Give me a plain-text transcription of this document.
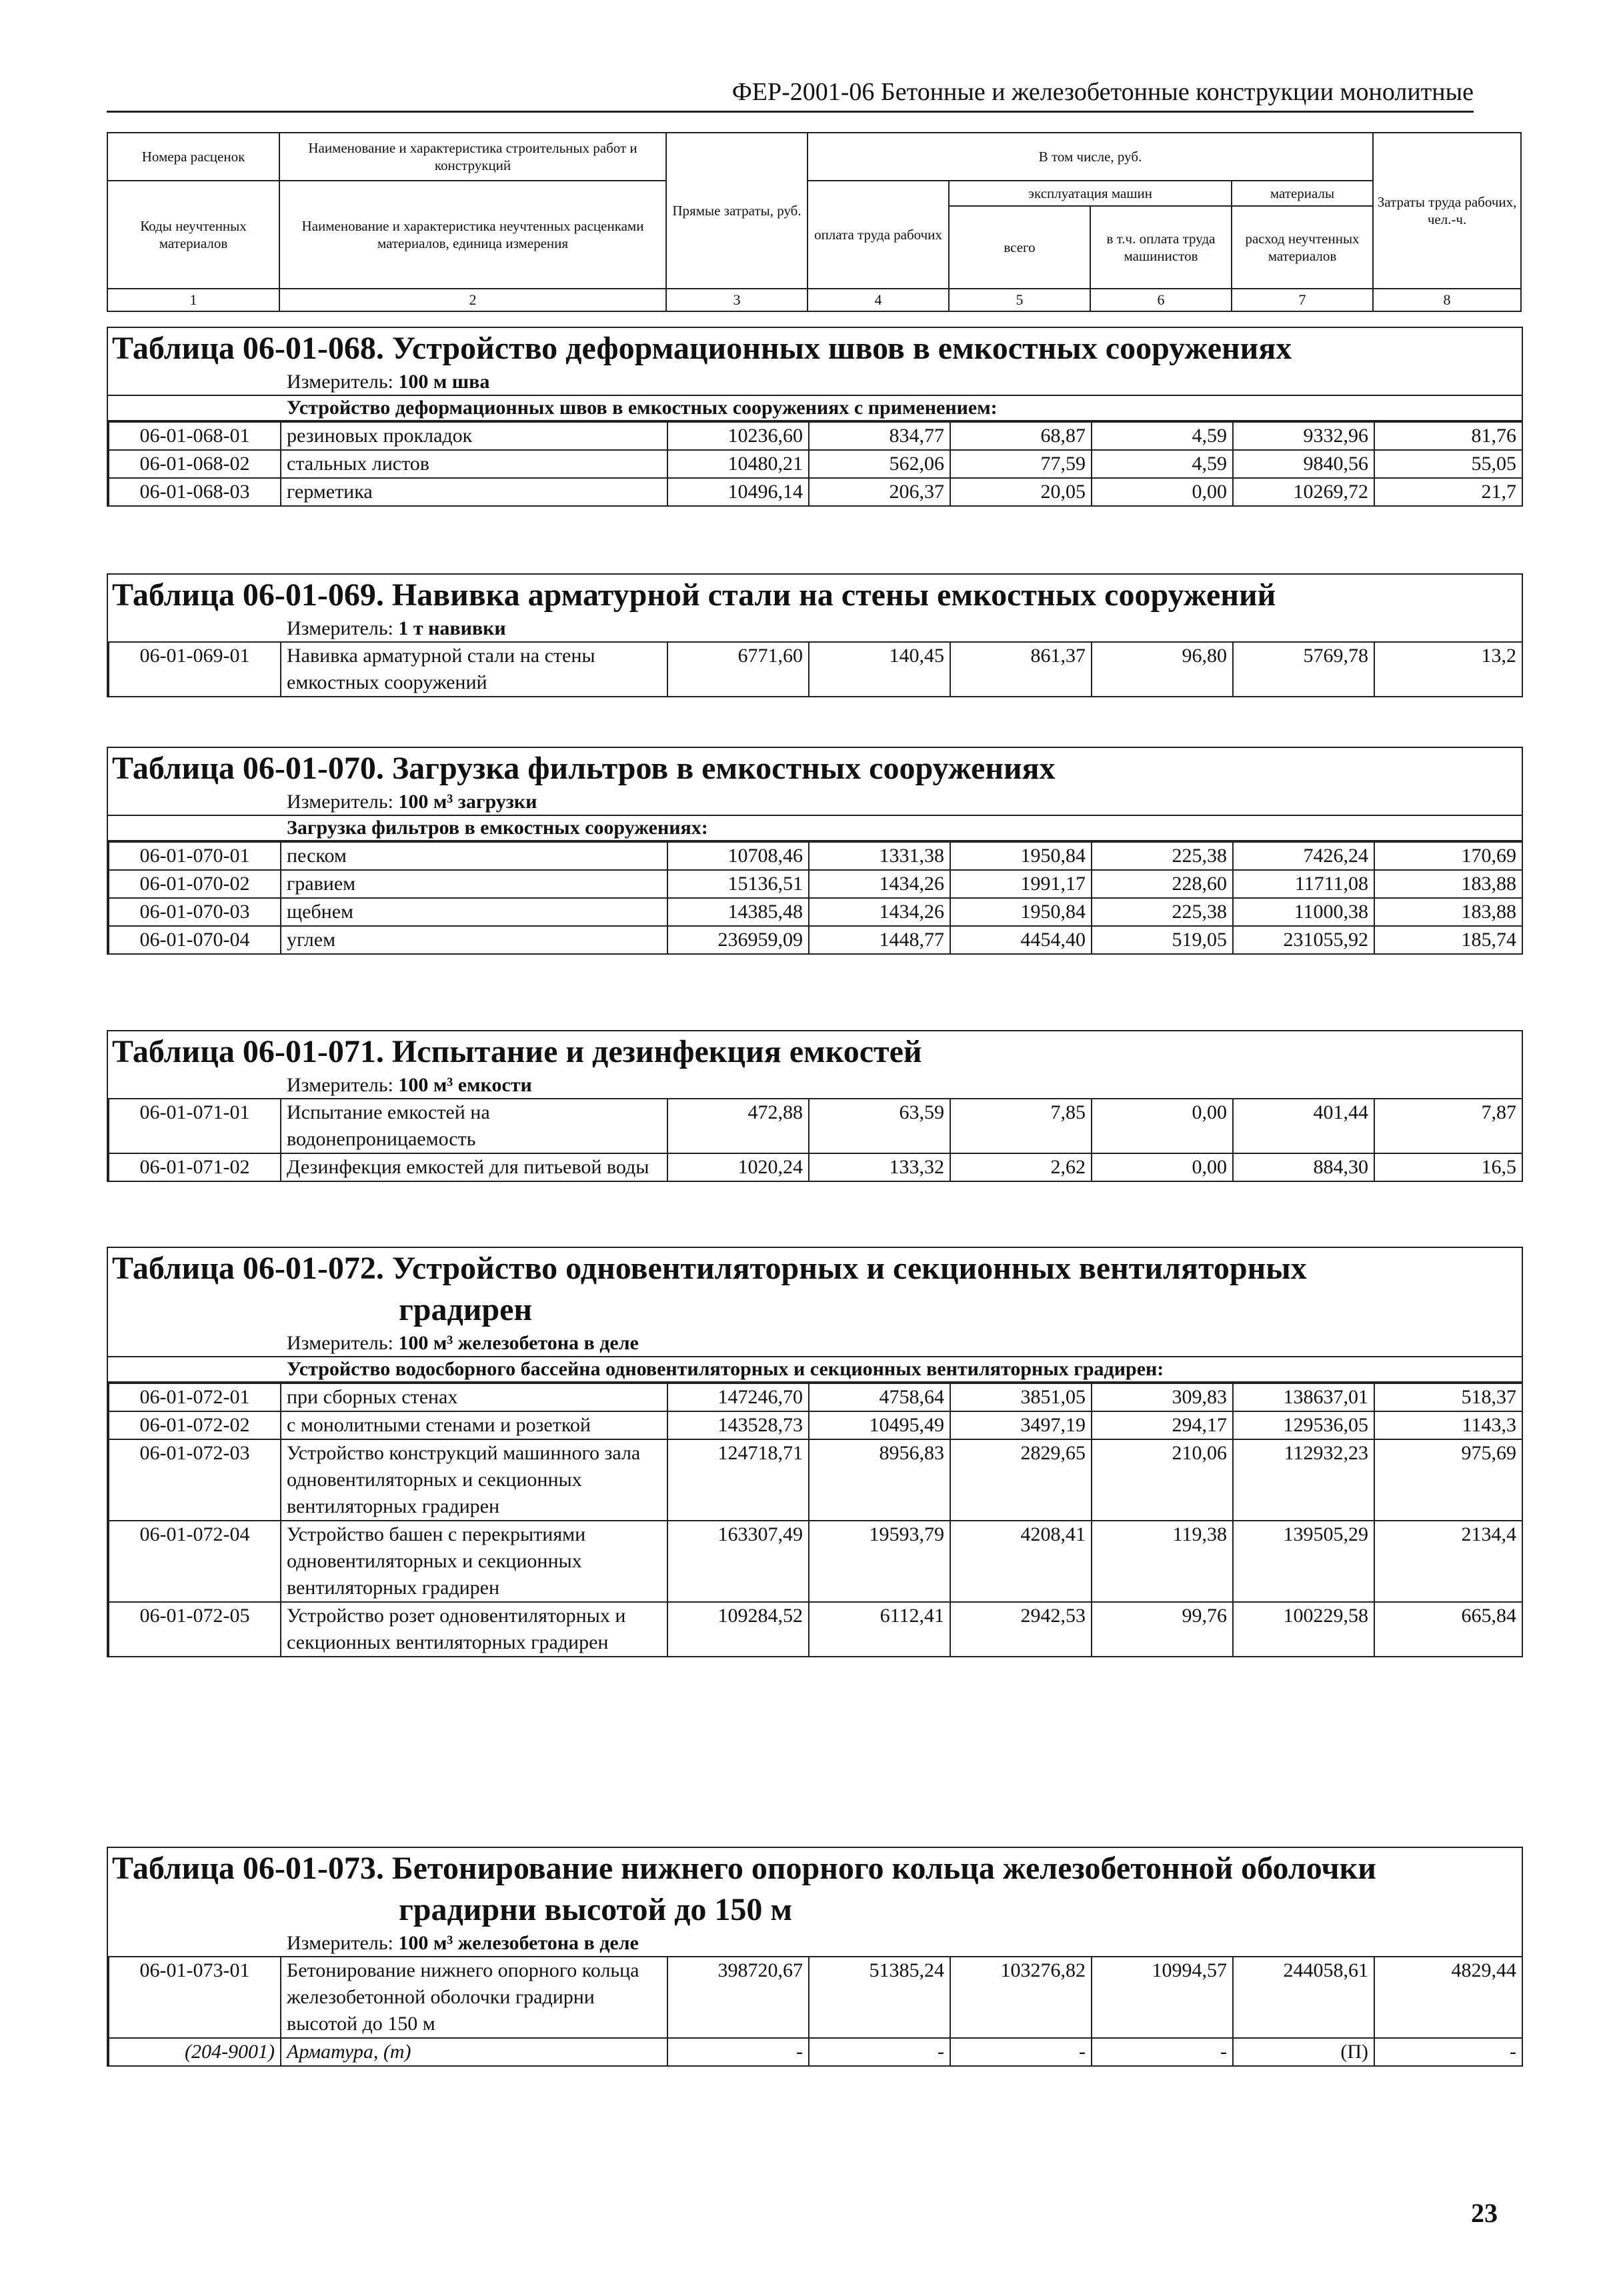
ФЕР-2001-06 Бетонные и железобетонные конструкции монолитные
Номера расценок	Наименование и характеристика строительных работ и конструкций	Прямые затраты, руб.	В том числе, руб.				Затраты труда рабочих, чел.-ч.
Коды неучтенных материалов	Наименование и характеристика неучтенных расценками материалов, единица измерения		оплата труда рабочих	эксплуатация машин		материалы	
				всего	в т.ч. оплата труда машинистов	расход неучтенных материалов	
1	2	3	4	5	6	7	8
Таблица 06-01-068. Устройство деформационных швов в емкостных сооружениях
Измеритель: 100 м шва
Устройство деформационных швов в емкостных сооружениях с применением:
06-01-068-01	резиновых прокладок	10236,60	834,77	68,87	4,59	9332,96	81,76
06-01-068-02	стальных листов	10480,21	562,06	77,59	4,59	9840,56	55,05
06-01-068-03	герметика	10496,14	206,37	20,05	0,00	10269,72	21,7
Таблица 06-01-069. Навивка арматурной стали на стены емкостных сооружений
Измеритель: 1 т навивки
06-01-069-01	Навивка арматурной стали на стены емкостных сооружений	6771,60	140,45	861,37	96,80	5769,78	13,2
Таблица 06-01-070. Загрузка фильтров в емкостных сооружениях
Измеритель: 100 м³ загрузки
Загрузка фильтров в емкостных сооружениях:
06-01-070-01	песком	10708,46	1331,38	1950,84	225,38	7426,24	170,69
06-01-070-02	гравием	15136,51	1434,26	1991,17	228,60	11711,08	183,88
06-01-070-03	щебнем	14385,48	1434,26	1950,84	225,38	11000,38	183,88
06-01-070-04	углем	236959,09	1448,77	4454,40	519,05	231055,92	185,74
Таблица 06-01-071. Испытание и дезинфекция емкостей
Измеритель: 100 м³ емкости
06-01-071-01	Испытание емкостей на водонепроницаемость	472,88	63,59	7,85	0,00	401,44	7,87
06-01-071-02	Дезинфекция емкостей для питьевой воды	1020,24	133,32	2,62	0,00	884,30	16,5
Таблица 06-01-072. Устройство одновентиляторных и секционных вентиляторных
градирен
Измеритель: 100 м³ железобетона в деле
Устройство водосборного бассейна одновентиляторных и секционных вентиляторных градирен:
06-01-072-01	при сборных стенах	147246,70	4758,64	3851,05	309,83	138637,01	518,37
06-01-072-02	с монолитными стенами и розеткой	143528,73	10495,49	3497,19	294,17	129536,05	1143,3
06-01-072-03	Устройство конструкций машинного зала одновентиляторных и секционных вентиляторных градирен	124718,71	8956,83	2829,65	210,06	112932,23	975,69
06-01-072-04	Устройство башен с перекрытиями одновентиляторных и секционных вентиляторных градирен	163307,49	19593,79	4208,41	119,38	139505,29	2134,4
06-01-072-05	Устройство розет одновентиляторных и секционных вентиляторных градирен	109284,52	6112,41	2942,53	99,76	100229,58	665,84
Таблица 06-01-073. Бетонирование нижнего опорного кольца железобетонной оболочки
градирни высотой до 150 м
Измеритель: 100 м³ железобетона в деле
06-01-073-01	Бетонирование нижнего опорного кольца железобетонной оболочки градирни высотой до 150 м	398720,67	51385,24	103276,82	10994,57	244058,61	4829,44
(204-9001)	Арматура, (т)	-	-	-	-	(П)	-
23
